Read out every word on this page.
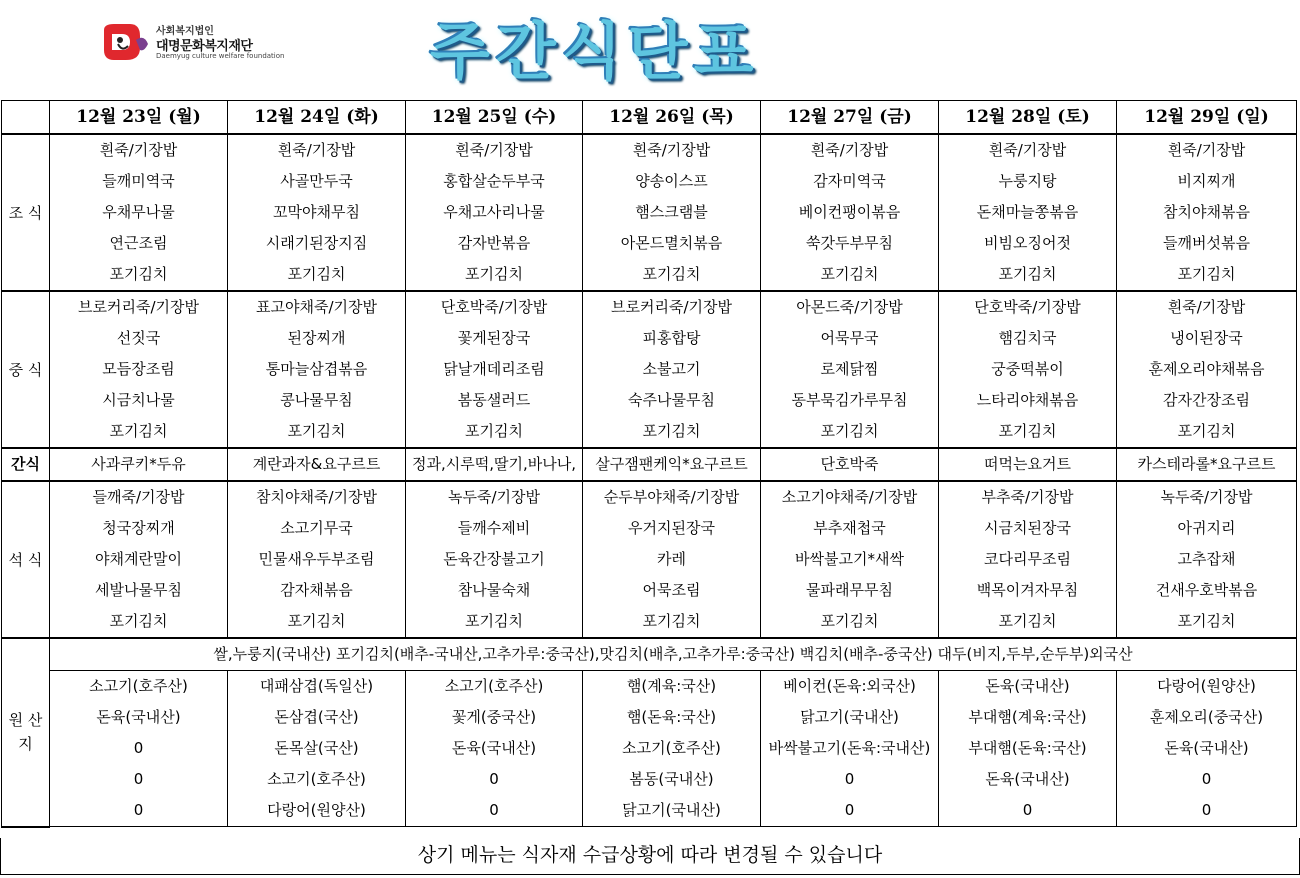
사회복지법인
대명문화복지재단
Daemyug culture welfare foundation 주간식단표
	12월 23일 (월)	12월 24일 (화)	12월 25일 (수)	12월 26일 (목)	12월 27일 (금)	12월 28일 (토)	12월 29일 (일)
조 식	흰죽/기장밥	흰죽/기장밥	흰죽/기장밥	흰죽/기장밥	흰죽/기장밥	흰죽/기장밥	흰죽/기장밥
	들깨미역국	사골만두국	홍합살순두부국	양송이스프	감자미역국	누룽지탕	비지찌개
	우채무나물	꼬막야채무침	우채고사리나물	햄스크램블	베이컨팽이볶음	돈채마늘쫑볶음	참치야채볶음
	연근조림	시래기된장지짐	감자반볶음	아몬드멸치볶음	쑥갓두부무침	비빔오징어젓	들깨버섯볶음
	포기김치	포기김치	포기김치	포기김치	포기김치	포기김치	포기김치
중 식	브로커리죽/기장밥	표고야채죽/기장밥	단호박죽/기장밥	브로커리죽/기장밥	아몬드죽/기장밥	단호박죽/기장밥	흰죽/기장밥
	선짓국	된장찌개	꽃게된장국	피홍합탕	어묵무국	햄김치국	냉이된장국
	모듬장조림	통마늘삼겹볶음	닭날개데리조림	소불고기	로제닭찜	궁중떡볶이	훈제오리야채볶음
	시금치나물	콩나물무침	봄동샐러드	숙주나물무침	동부묵김가루무침	느타리야채볶음	감자간장조림
	포기김치	포기김치	포기김치	포기김치	포기김치	포기김치	포기김치
간식	사과쿠키*두유	계란과자&요구르트	정과,시루떡,딸기,바나나,	살구잼팬케익*요구르트	단호박죽	떠먹는요거트	카스테라롤*요구르트
석 식	들깨죽/기장밥	참치야채죽/기장밥	녹두죽/기장밥	순두부야채죽/기장밥	소고기야채죽/기장밥	부추죽/기장밥	녹두죽/기장밥
	청국장찌개	소고기무국	들깨수제비	우거지된장국	부추재첩국	시금치된장국	아귀지리
	야채계란말이	민물새우두부조림	돈육간장불고기	카레	바싹불고기*새싹	코다리무조림	고추잡채
	세발나물무침	감자채볶음	참나물숙채	어묵조림	물파래무무침	백목이겨자무침	건새우호박볶음
	포기김치	포기김치	포기김치	포기김치	포기김치	포기김치	포기김치
원 산 지	쌀,누룽지(국내산) 포기김치(배추-국내산,고추가루:중국산),맛김치(배추,고추가루:중국산) 백김치(배추-중국산) 대두(비지,두부,순두부)외국산						
	소고기(호주산)	대패삼겹(독일산)	소고기(호주산)	햄(계육:국산)	베이컨(돈육:외국산)	돈육(국내산)	다랑어(원양산)
	돈육(국내산)	돈삼겹(국산)	꽃게(중국산)	햄(돈육:국산)	닭고기(국내산)	부대햄(계육:국산)	훈제오리(중국산)
	0	돈목살(국산)	돈육(국내산)	소고기(호주산)	바싹불고기(돈육:국내산)	부대햄(돈육:국산)	돈육(국내산)
	0	소고기(호주산)	0	봄동(국내산)	0	돈육(국내산)	0
	0	다랑어(원양산)	0	닭고기(국내산)	0	0	0
상기 메뉴는 식자재 수급상황에 따라 변경될 수 있습니다
